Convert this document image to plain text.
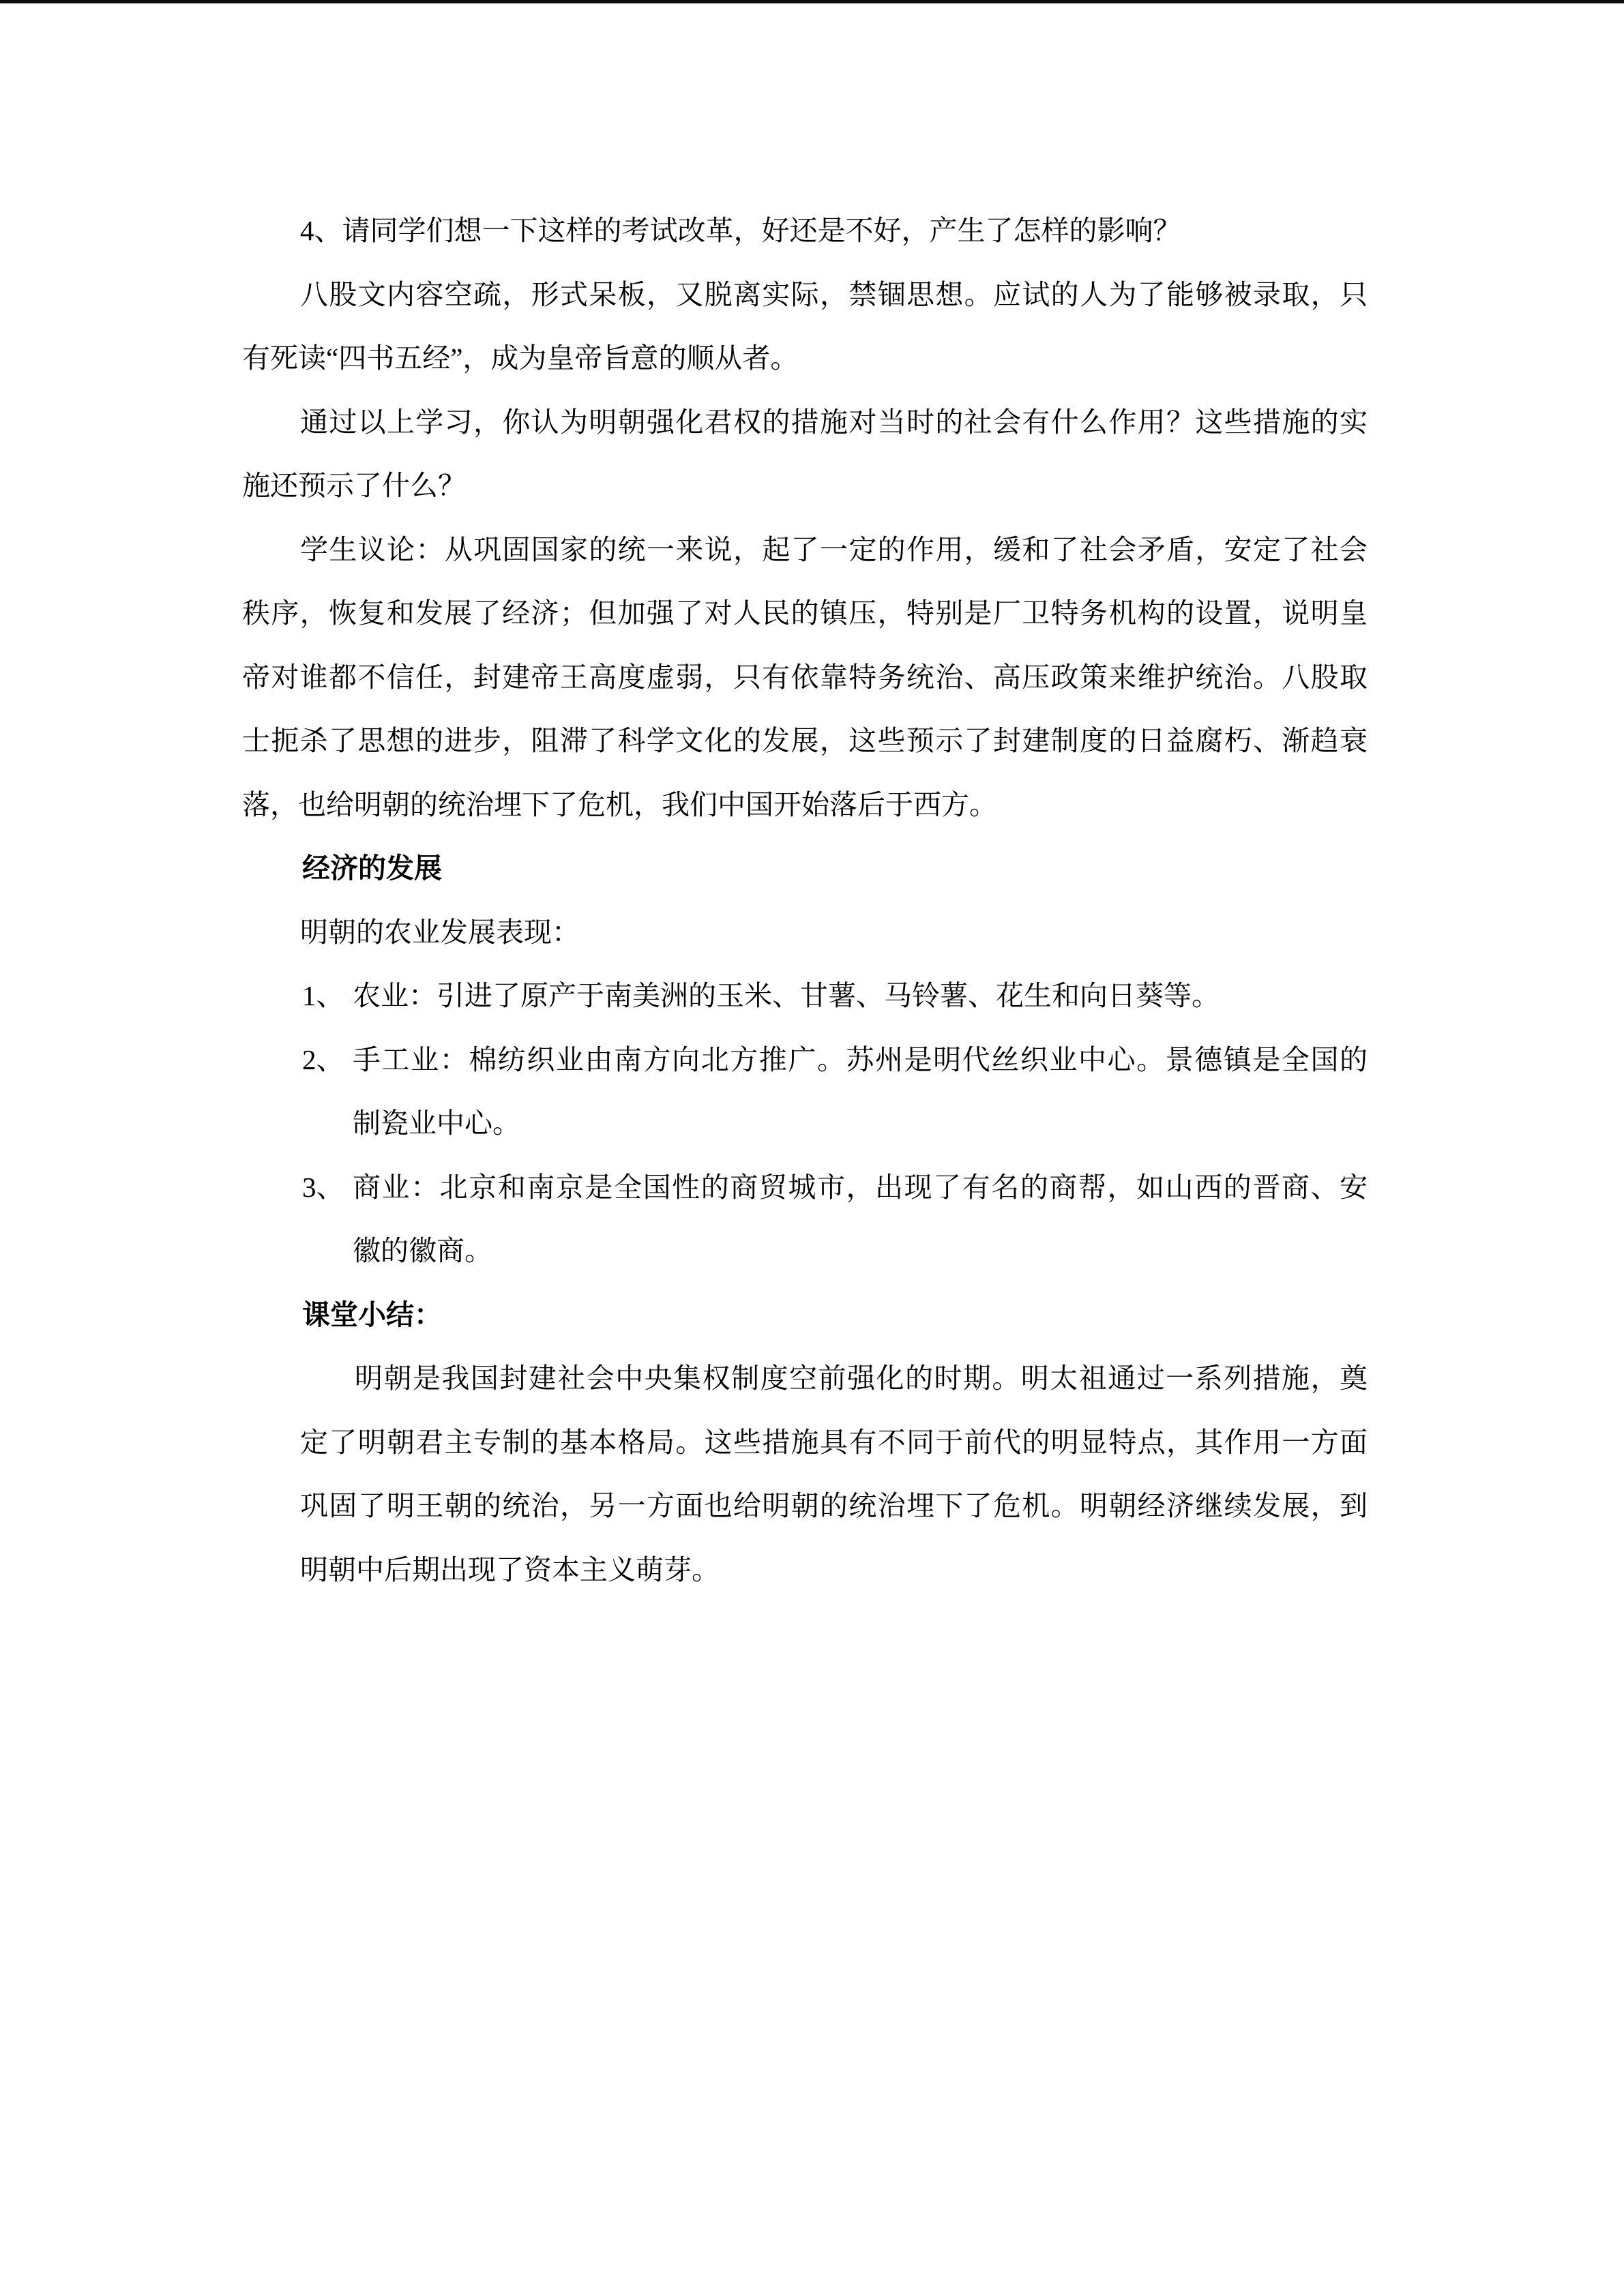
4、请同学们想一下这样的考试改革，好还是不好，产生了怎样的影响？
八股文内容空疏，形式呆板，又脱离实际，禁锢思想。应试的人为了能够被录取，只
有死读“四书五经”，成为皇帝旨意的顺从者。
通过以上学习，你认为明朝强化君权的措施对当时的社会有什么作用？这些措施的实
施还预示了什么？
学生议论：从巩固国家的统一来说，起了一定的作用，缓和了社会矛盾，安定了社会
秩序，恢复和发展了经济；但加强了对人民的镇压，特别是厂卫特务机构的设置，说明皇
帝对谁都不信任，封建帝王高度虚弱，只有依靠特务统治、高压政策来维护统治。八股取
士扼杀了思想的进步，阻滞了科学文化的发展，这些预示了封建制度的日益腐朽、渐趋衰
落，也给明朝的统治埋下了危机，我们中国开始落后于西方。
经济的发展
明朝的农业发展表现：
1、 农业：引进了原产于南美洲的玉米、甘薯、马铃薯、花生和向日葵等。
2、 手工业：棉纺织业由南方向北方推广。苏州是明代丝织业中心。景德镇是全国的
制瓷业中心。
3、 商业：北京和南京是全国性的商贸城市，出现了有名的商帮，如山西的晋商、安
徽的徽商。
课堂小结：
明朝是我国封建社会中央集权制度空前强化的时期。明太祖通过一系列措施，奠
定了明朝君主专制的基本格局。这些措施具有不同于前代的明显特点，其作用一方面
巩固了明王朝的统治，另一方面也给明朝的统治埋下了危机。明朝经济继续发展，到
明朝中后期出现了资本主义萌芽。
